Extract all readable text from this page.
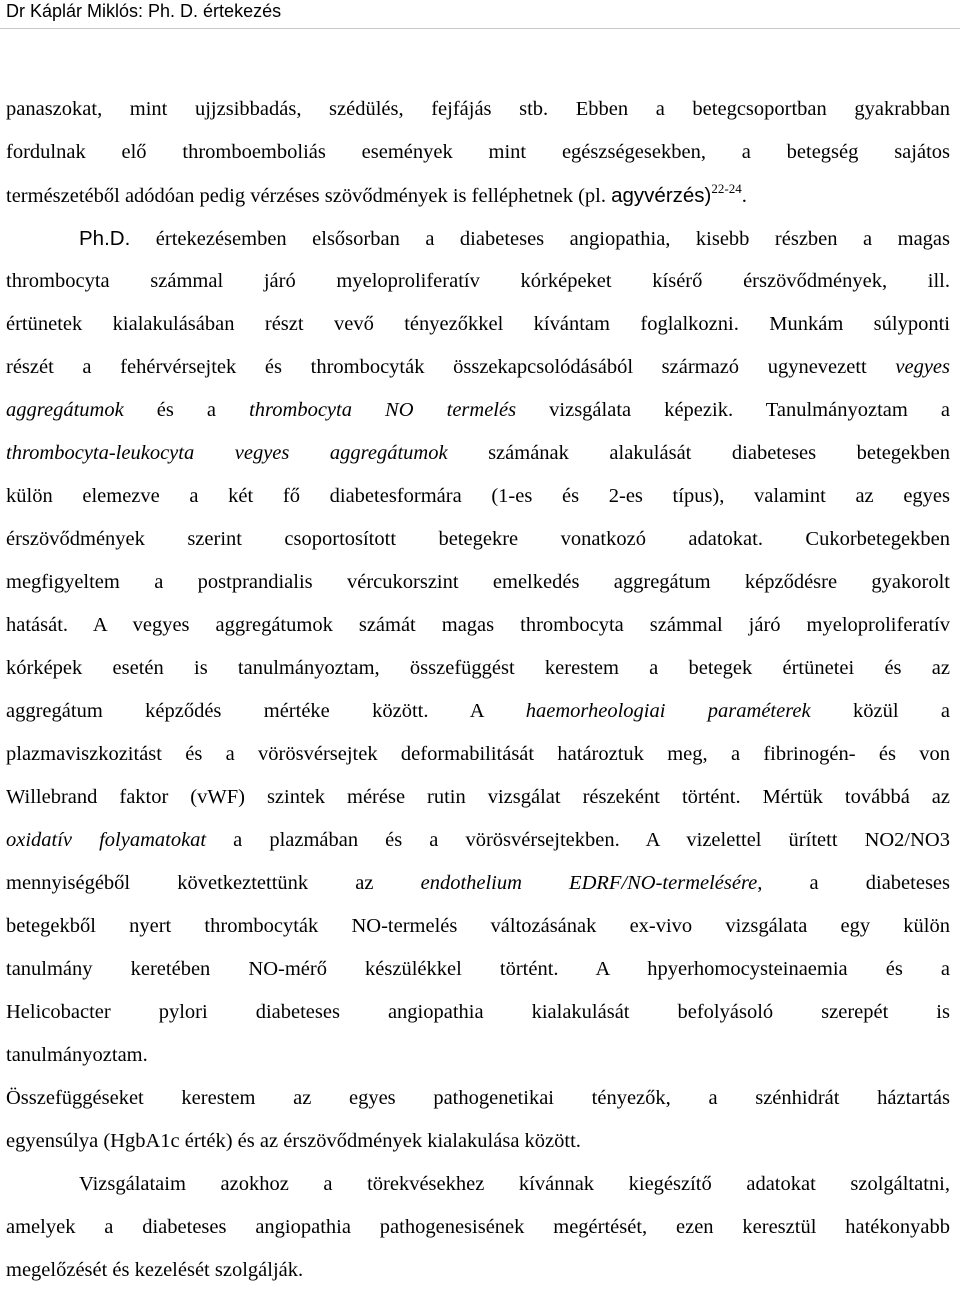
Dr Káplár Miklós: Ph. D. értekezés
panaszokat, mint ujjzsibbadás, szédülés, fejfájás stb. Ebben a betegcsoportban gyakrabban
fordulnak elő thromboemboliás események mint egészségesekben, a betegség sajátos
természetéből adódóan pedig vérzéses szövődmények is felléphetnek (pl. agyvérzés)$^{22-24}$.
Ph.D. értekezésemben elsősorban a diabeteses angiopathia, kisebb részben a magas
thrombocyta számmal járó myeloproliferatív kórképeket kísérő érszövődmények, ill.
értünetek kialakulásában részt vevő tényezőkkel kívántam foglalkozni. Munkám súlyponti
részét a fehérvérsejtek és thrombocyták összekapcsolódásából származó ugynevezett vegyes
aggregátumok és a thrombocyta NO termelés vizsgálata képezik. Tanulmányoztam a
thrombocyta-leukocyta vegyes aggregátumok számának alakulását diabeteses betegekben
külön elemezve a két fő diabetesformára (1-es és 2-es típus), valamint az egyes
érszövődmények szerint csoportosított betegekre vonatkozó adatokat. Cukorbetegekben
megfigyeltem a postprandialis vércukorszint emelkedés aggregátum képződésre gyakorolt
hatását. A vegyes aggregátumok számát magas thrombocyta számmal járó myeloproliferatív
kórképek esetén is tanulmányoztam, összefüggést kerestem a betegek értünetei és az
aggregátum képződés mértéke között. A haemorheologiai paraméterek közül a
plazmaviszkozitást és a vörösvérsejtek deformabilitását határoztuk meg, a fibrinogén- és von
Willebrand faktor (vWF) szintek mérése rutin vizsgálat részeként történt. Mértük továbbá az
oxidatív folyamatokat a plazmában és a vörösvérsejtekben. A vizelettel ürített NO2/NO3
mennyiségéből következtettünk az endothelium EDRF/NO-termelésére, a diabeteses
betegekből nyert thrombocyták NO-termelés változásának ex-vivo vizsgálata egy külön
tanulmány keretében NO-mérő készülékkel történt. A hpyerhomocysteinaemia és a
Helicobacter pylori diabeteses angiopathia kialakulását befolyásoló szerepét is
tanulmányoztam.
Összefüggéseket kerestem az egyes pathogenetikai tényezők, a szénhidrát háztartás
egyensúlya (HgbA1c érték) és az érszövődmények kialakulása között.
Vizsgálataim azokhoz a törekvésekhez kívánnak kiegészítő adatokat szolgáltatni,
amelyek a diabeteses angiopathia pathogenesisének megértését, ezen keresztül hatékonyabb
megelőzését és kezelését szolgálják.
